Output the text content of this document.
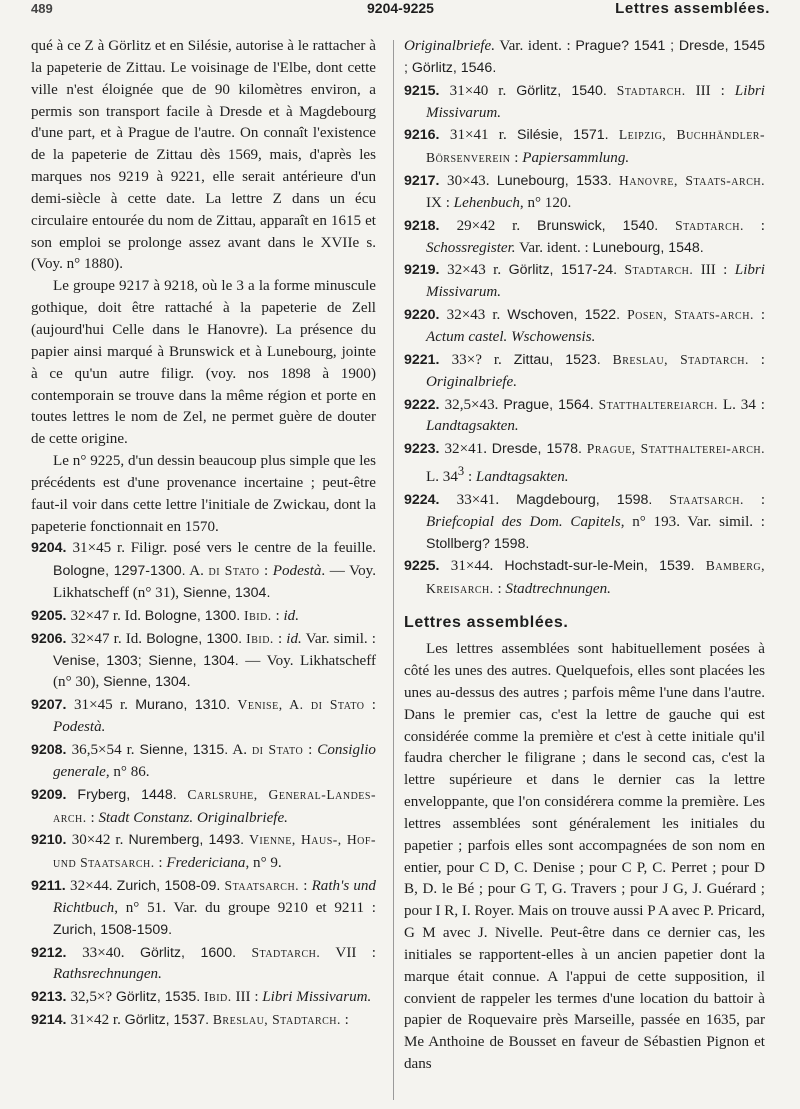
489	9204-9225	Lettres assemblées.

qué à ce Z à Görlitz et en Silésie, autorise à le rattacher à la papeterie de Zittau. Le voisinage de l'Elbe, dont cette ville n'est éloignée que de 90 kilomètres environ, a permis son transport facile à Dresde et à Magdebourg d'une part, et à Prague de l'autre. On connaît l'existence de la papeterie de Zittau dès 1569, mais, d'après les marques nos 9219 à 9221, elle serait antérieure d'un demi-siècle à cette date. La lettre Z dans un écu circulaire entourée du nom de Zittau, apparaît en 1615 et son emploi se prolonge assez avant dans le XVIIe s. (Voy. n° 1880).

Le groupe 9217 à 9218, où le 3 a la forme minuscule gothique, doit être rattaché à la papeterie de Zell (aujourd'hui Celle dans le Hanovre). La présence du papier ainsi marqué à Brunswick et à Lunebourg, jointe à ce qu'un autre filigr. (voy. nos 1898 à 1900) contemporain se trouve dans la même région et porte en toutes lettres le nom de Zel, ne permet guère de douter de cette origine.

Le n° 9225, d'un dessin beaucoup plus simple que les précédents est d'une provenance incertaine ; peut-être faut-il voir dans cette lettre l'initiale de Zwickau, dont la papeterie fonctionnait en 1570.

9204. 31×45 r. Filigr. posé vers le centre de la feuille. Bologne, 1297-1300. A. di Stato : Podestà. — Voy. Likhatscheff (n° 31), Sienne, 1304.

9205. 32×47 r. Id. Bologne, 1300. Ibid. : id.

9206. 32×47 r. Id. Bologne, 1300. Ibid. : id. Var. simil. : Venise, 1303; Sienne, 1304. — Voy. Likhatscheff (n° 30), Sienne, 1304.

9207. 31×45 r. Murano, 1310. Venise, A. di Stato : Podestà.

9208. 36,5×54 r. Sienne, 1315. A. di Stato : Consiglio generale, n° 86.

9209. Fryberg, 1448. Carlsruhe, General-Landes-arch. : Stadt Constanz. Originalbriefe.

9210. 30×42 r. Nuremberg, 1493. Vienne, Haus-, Hof- und Staatsarch. : Fredericiana, n° 9.

9211. 32×44. Zurich, 1508-09. Staatsarch. : Rath's und Richtbuch, n° 51. Var. du groupe 9210 et 9211 : Zurich, 1508-1509.

9212. 33×40. Görlitz, 1600. Stadtarch. VII : Rathsrechnungen.

9213. 32,5×? Görlitz, 1535. Ibid. III : Libri Missivarum.

9214. 31×42 r. Görlitz, 1537. Breslau, Stadtarch. :

Originalbriefe. Var. ident. : Prague? 1541 ; Dresde, 1545 ; Görlitz, 1546.

9215. 31×40 r. Görlitz, 1540. Stadtarch. III : Libri Missivarum.

9216. 31×41 r. Silésie, 1571. Leipzig, Buchhändler-Börsenverein : Papiersammlung.

9217. 30×43. Lunebourg, 1533. Hanovre, Staats-arch. IX : Lehenbuch, n° 120.

9218. 29×42 r. Brunswick, 1540. Stadtarch. : Schossregister. Var. ident. : Lunebourg, 1548.

9219. 32×43 r. Görlitz, 1517-24. Stadtarch. III : Libri Missivarum.

9220. 32×43 r. Wschoven, 1522. Posen, Staats-arch. : Actum castel. Wschowensis.

9221. 33×? r. Zittau, 1523. Breslau, Stadtarch. : Originalbriefe.

9222. 32,5×43. Prague, 1564. Statthaltereiarch. L. 34 : Landtagsakten.

9223. 32×41. Dresde, 1578. Prague, Statthalterei-arch. L. $34^3$ : Landtagsakten.

9224. 33×41. Magdebourg, 1598. Staatsarch. : Briefcopial des Dom. Capitels, n° 193. Var. simil. : Stollberg? 1598.

9225. 31×44. Hochstadt-sur-le-Mein, 1539. Bamberg, Kreisarch. : Stadtrechnungen.

Lettres assemblées.

Les lettres assemblées sont habituellement posées à côté les unes des autres. Quelquefois, elles sont placées les unes au-dessus des autres ; parfois même l'une dans l'autre. Dans le premier cas, c'est la lettre de gauche qui est considérée comme la première et c'est à cette initiale qu'il faudra chercher le filigrane ; dans le second cas, c'est la lettre supérieure et dans le dernier cas la lettre enveloppante, que l'on considérera comme la première. Les lettres assemblées sont généralement les initiales du papetier ; parfois elles sont accompagnées de son nom en entier, pour C D, C. Denise ; pour C P, C. Perret ; pour D B, D. le Bé ; pour G T, G. Travers ; pour J G, J. Guérard ; pour I R, I. Royer. Mais on trouve aussi P A avec P. Pricard, G M avec J. Nivelle. Peut-être dans ce dernier cas, les initiales se rapportent-elles à un ancien papetier dont la marque était connue. A l'appui de cette supposition, il convient de rappeler les termes d'une location du battoir à papier de Roquevaire près Marseille, passée en 1635, par Me Anthoine de Bousset en faveur de Sébastien Pignon et dans
